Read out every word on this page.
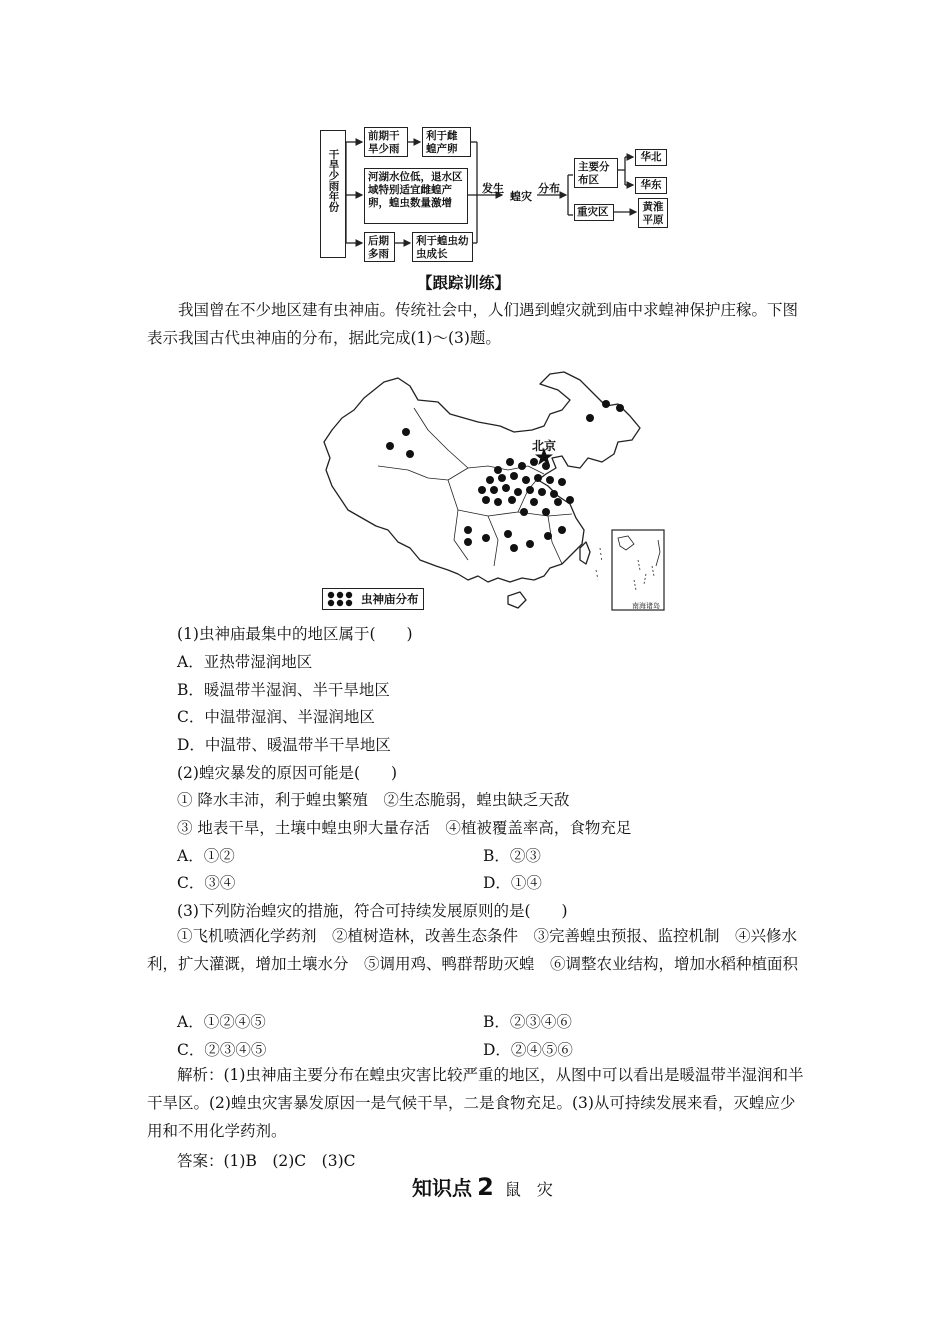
干旱少雨年份
前期干旱少雨
利于雌蝗产卵
河湖水位低，退水区域特别适宜雌蝗产卵，蝗虫数量激增
后期多雨
利于蝗虫幼虫成长
发生
蝗灾
分布
主要分布区
华北
华东
重灾区	黄淮平原
【跟踪训练】
我国曾在不少地区建有虫神庙。传统社会中，人们遇到蝗灾就到庙中求蝗神保护庄稼。下图表示我国古代虫神庙的分布，据此完成(1)～(3)题。
北京
虫神庙分布	南海诸岛
(1)虫神庙最集中的地区属于(　　)
A．亚热带湿润地区
B．暖温带半湿润、半干旱地区
C．中温带湿润、半湿润地区
D．中温带、暖温带半干旱地区
(2)蝗灾暴发的原因可能是(　　)
① 降水丰沛，利于蝗虫繁殖　②生态脆弱，蝗虫缺乏天敌
③ 地表干旱，土壤中蝗虫卵大量存活　④植被覆盖率高，食物充足
A．①②	B．②③
C．③④	D．①④
(3)下列防治蝗灾的措施，符合可持续发展原则的是(　　)
①飞机喷洒化学药剂　②植树造林，改善生态条件　③完善蝗虫预报、监控机制　④兴修水利，扩大灌溉，增加土壤水分　⑤调用鸡、鸭群帮助灭蝗　⑥调整农业结构，增加水稻种植面积
A．①②④⑤	B．②③④⑥
C．②③④⑤	D．②④⑤⑥
解析：(1)虫神庙主要分布在蝗虫灾害比较严重的地区，从图中可以看出是暖温带半湿润和半干旱区。(2)蝗虫灾害暴发原因一是气候干旱，二是食物充足。(3)从可持续发展来看，灭蝗应少用和不用化学药剂。
答案：(1)B　(2)C　(3)C
知识点 2 鼠　灾
